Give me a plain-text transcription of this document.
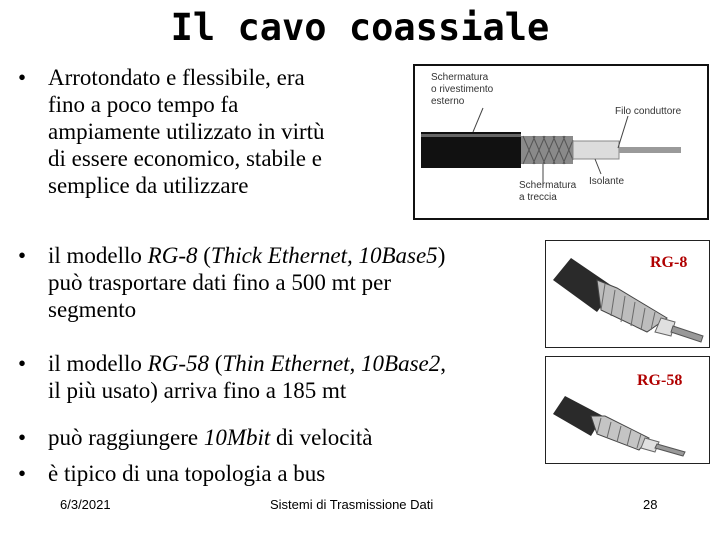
Il cavo coassiale
• Arrotondato e flessibile, era
fino a poco tempo fa
ampiamente utilizzato in virtù
di essere economico, stabile e
semplice da utilizzare
Schermatura
o rivestimento
esterno
Filo conduttore
Schermatura
a treccia
Isolante
• il modello RG-8 (Thick Ethernet, 10Base5)
può trasportare dati fino a 500 mt per
segmento
• il modello RG-58 (Thin Ethernet, 10Base2,
il più usato) arriva fino a 185 mt
• può raggiungere 10Mbit di velocità
• è tipico di una topologia a bus
RG-8
RG-58
6/3/2021	Sistemi di Trasmissione Dati	28
